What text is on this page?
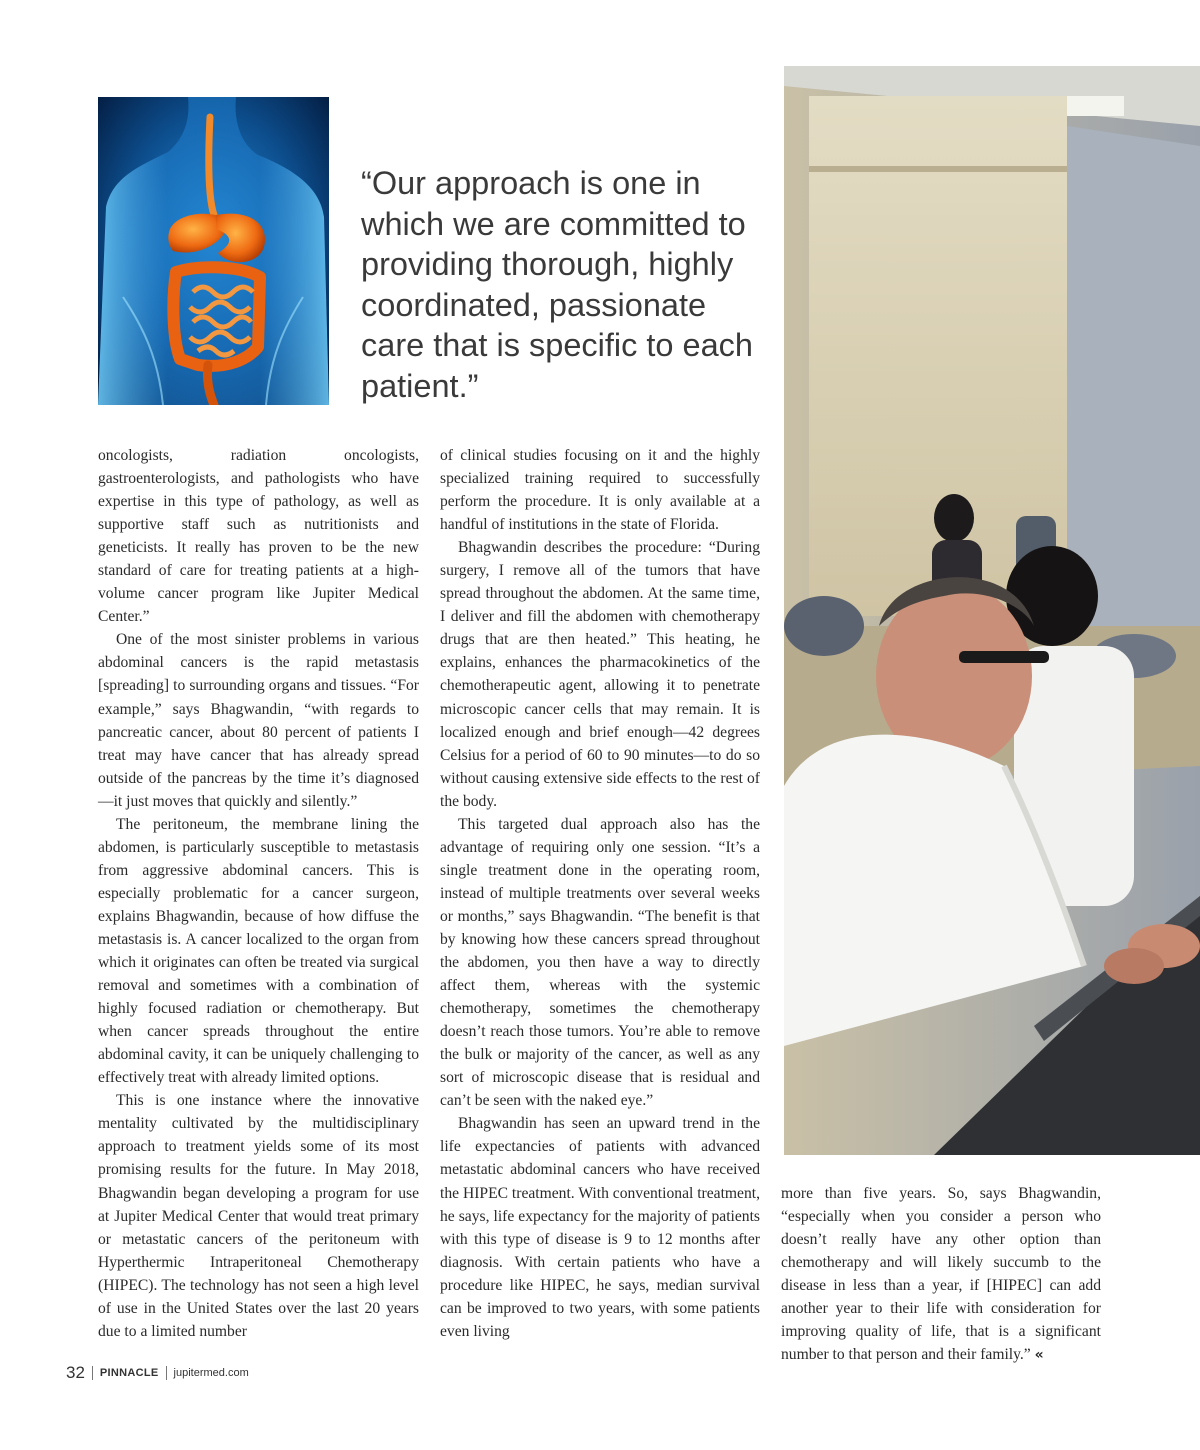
“Our approach is one in which we are committed to providing thorough, highly coordinated, passionate care that is specific to each patient.”

oncologists, radiation oncologists, gastroenterologists, and pathologists who have expertise in this type of pathology, as well as supportive staff such as nutritionists and geneticists. It really has proven to be the new standard of care for treating patients at a high-volume cancer program like Jupiter Medical Center.”

One of the most sinister problems in various abdominal cancers is the rapid metastasis [spreading] to surrounding organs and tissues. “For example,” says Bhagwandin, “with regards to pancreatic cancer, about 80 percent of patients I treat may have cancer that has already spread outside of the pancreas by the time it’s diagnosed—it just moves that quickly and silently.”

The peritoneum, the membrane lining the abdomen, is particularly susceptible to metastasis from aggressive abdominal cancers. This is especially problematic for a cancer surgeon, explains Bhagwandin, because of how diffuse the metastasis is. A cancer localized to the organ from which it originates can often be treated via surgical removal and sometimes with a combination of highly focused radiation or chemotherapy. But when cancer spreads throughout the entire abdominal cavity, it can be uniquely challenging to effectively treat with already limited options.

This is one instance where the innovative mentality cultivated by the multidisciplinary approach to treatment yields some of its most promising results for the future. In May 2018, Bhagwandin began developing a program for use at Jupiter Medical Center that would treat primary or metastatic cancers of the peritoneum with Hyperthermic Intraperitoneal Chemotherapy (HIPEC). The technology has not seen a high level of use in the United States over the last 20 years due to a limited number

of clinical studies focusing on it and the highly specialized training required to successfully perform the procedure. It is only available at a handful of institutions in the state of Florida.

Bhagwandin describes the procedure: “During surgery, I remove all of the tumors that have spread throughout the abdomen. At the same time, I deliver and fill the abdomen with chemotherapy drugs that are then heated.” This heating, he explains, enhances the pharmacokinetics of the chemotherapeutic agent, allowing it to penetrate microscopic cancer cells that may remain. It is localized enough and brief enough—42 degrees Celsius for a period of 60 to 90 minutes—to do so without causing extensive side effects to the rest of the body.

This targeted dual approach also has the advantage of requiring only one session. “It’s a single treatment done in the operating room, instead of multiple treatments over several weeks or months,” says Bhagwandin. “The benefit is that by knowing how these cancers spread throughout the abdomen, you then have a way to directly affect them, whereas with the systemic chemotherapy, sometimes the chemotherapy doesn’t reach those tumors. You’re able to remove the bulk or majority of the cancer, as well as any sort of microscopic disease that is residual and can’t be seen with the naked eye.”

Bhagwandin has seen an upward trend in the life expectancies of patients with advanced metastatic abdominal cancers who have received the HIPEC treatment. With conventional treatment, he says, life expectancy for the majority of patients with this type of disease is 9 to 12 months after diagnosis. With certain patients who have a procedure like HIPEC, he says, median survival can be improved to two years, with some patients even living

more than five years. So, says Bhagwandin, “especially when you consider a person who doesn’t really have any other option than chemotherapy and will likely succumb to the disease in less than a year, if [HIPEC] can add another year to their life with consideration for improving quality of life, that is a significant number to that person and their family.” «

32 PINNACLE jupitermed.com
